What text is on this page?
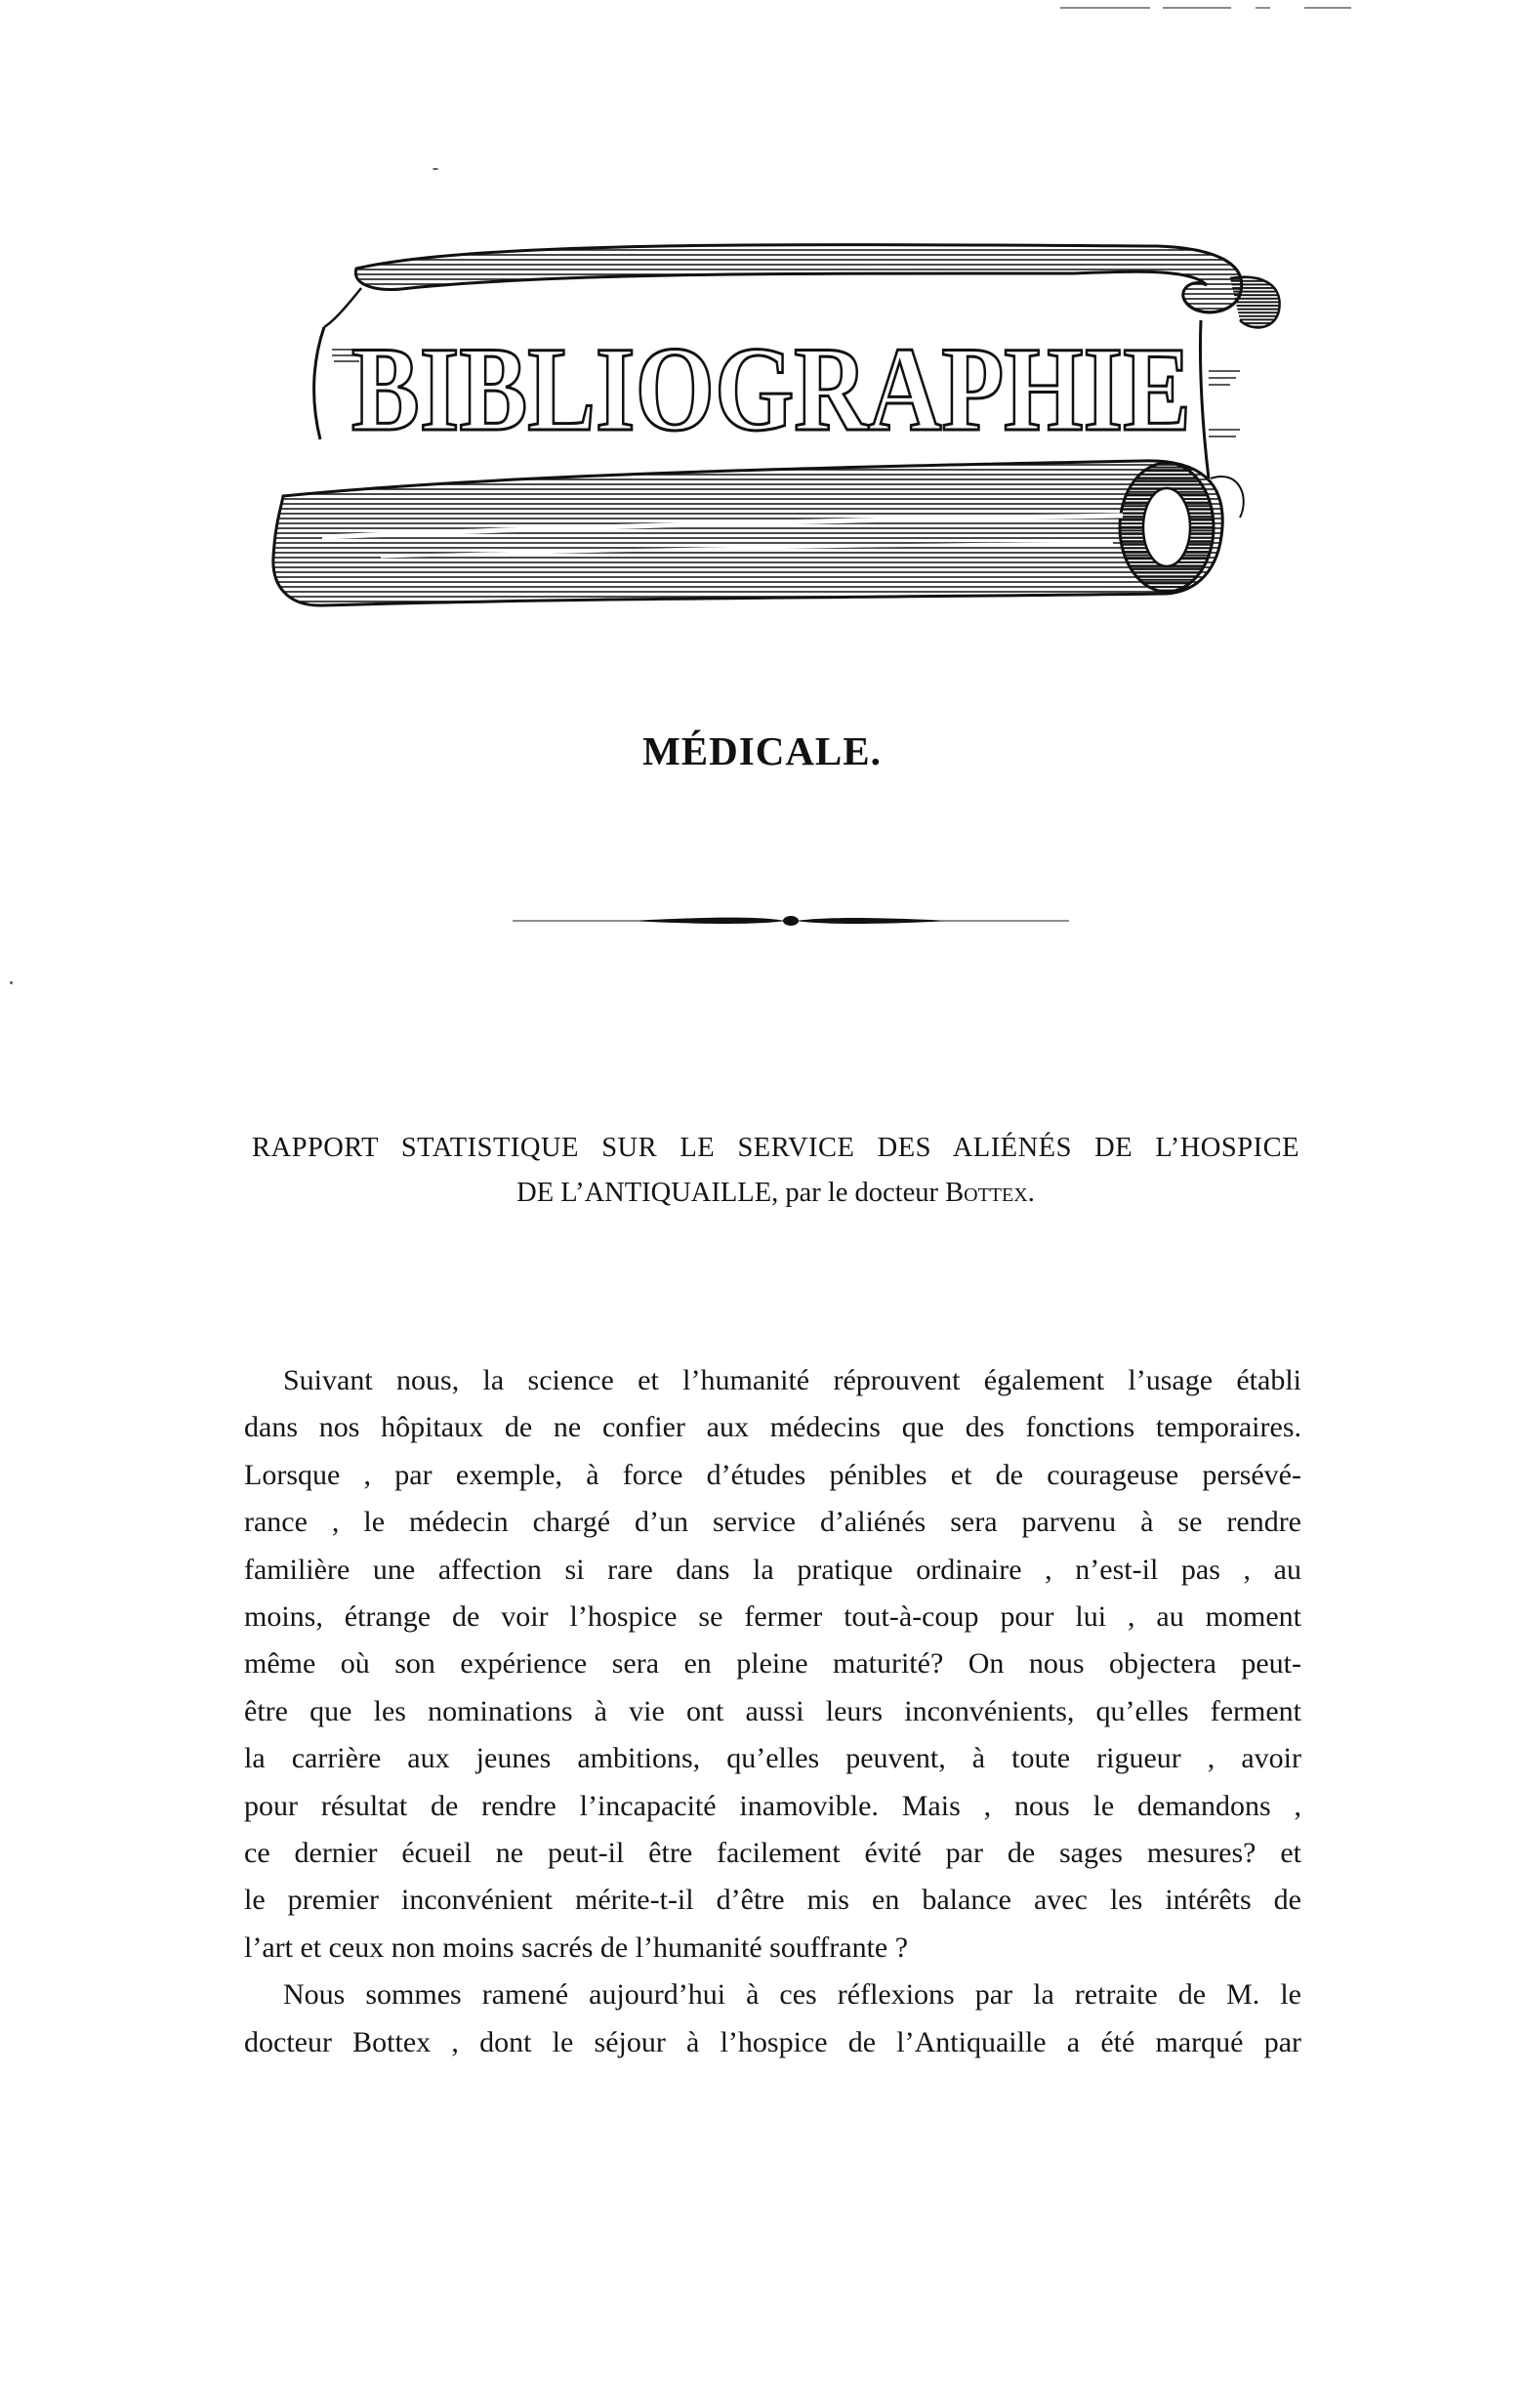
BIBLIOGRAPHIE
MÉDICALE.
RAPPORT STATISTIQUE SUR LE SERVICE DES ALIÉNÉS DE L’HOSPICE
DE L’ANTIQUAILLE, par le docteur Bottex.
Suivant nous, la science et l’humanité réprouvent également l’usage établi
dans nos hôpitaux de ne confier aux médecins que des fonctions temporaires.
Lorsque , par exemple, à force d’études pénibles et de courageuse persévé-
rance , le médecin chargé d’un service d’aliénés sera parvenu à se rendre
familière une affection si rare dans la pratique ordinaire , n’est-il pas , au
moins, étrange de voir l’hospice se fermer tout-à-coup pour lui , au moment
même où son expérience sera en pleine maturité? On nous objectera peut-
être que les nominations à vie ont aussi leurs inconvénients, qu’elles ferment
la carrière aux jeunes ambitions, qu’elles peuvent, à toute rigueur , avoir
pour résultat de rendre l’incapacité inamovible. Mais , nous le demandons ,
ce dernier écueil ne peut-il être facilement évité par de sages mesures? et
le premier inconvénient mérite-t-il d’être mis en balance avec les intérêts de
l’art et ceux non moins sacrés de l’humanité souffrante ?
Nous sommes ramené aujourd’hui à ces réflexions par la retraite de M. le
docteur Bottex , dont le séjour à l’hospice de l’Antiquaille a été marqué par
